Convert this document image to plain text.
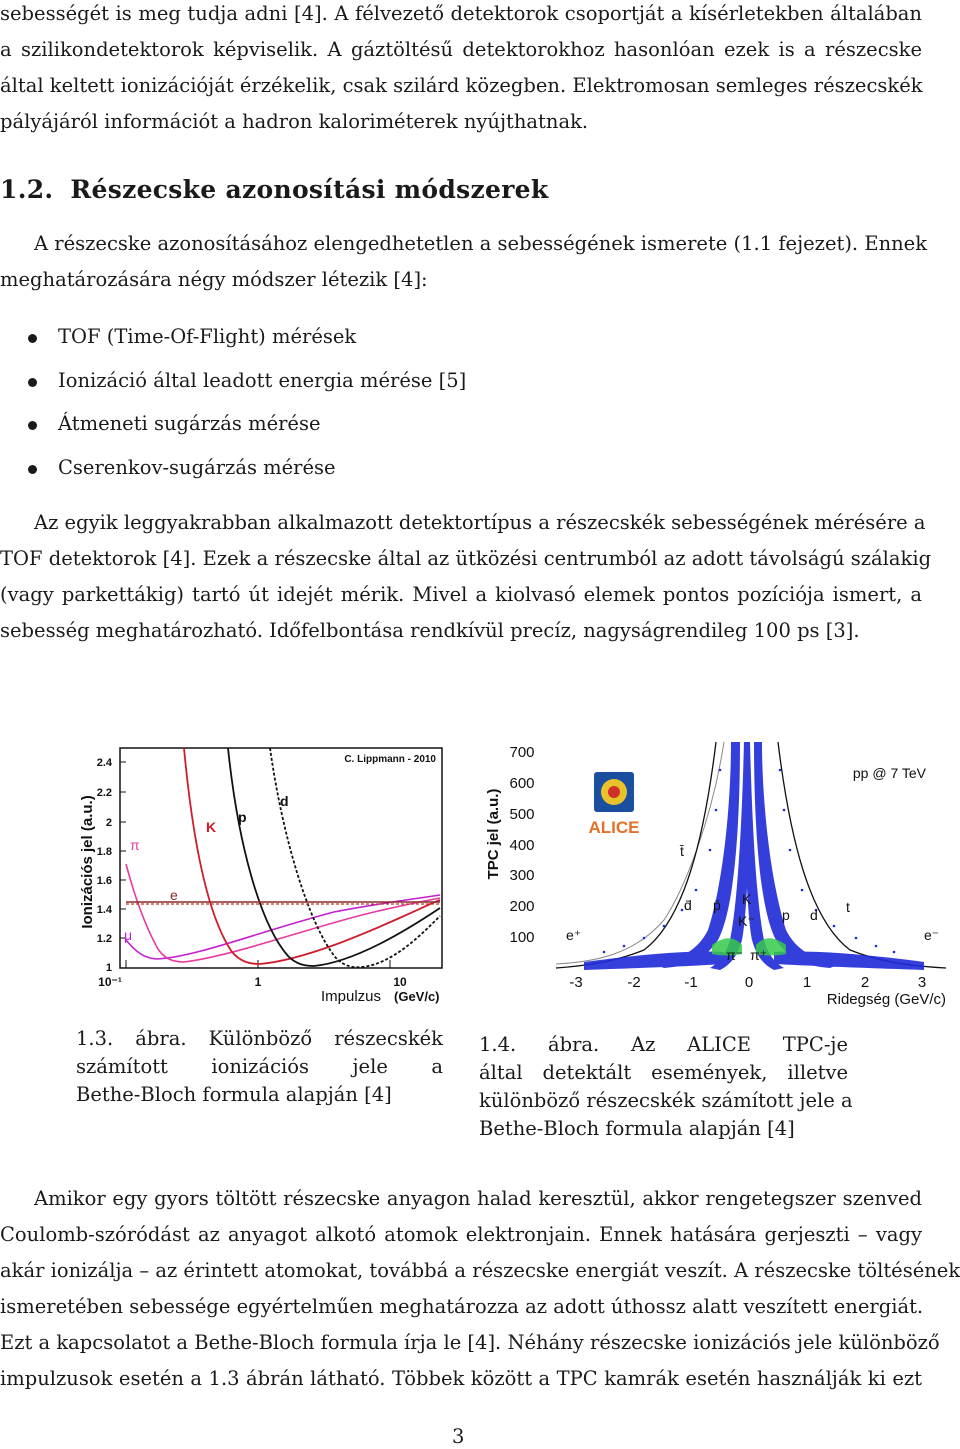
sebességét is meg tudja adni [4]. A félvezető detektorok csoportját a kísérletekben általában
a szilikondetektorok képviselik. A gáztöltésű detektorokhoz hasonlóan ezek is a részecske
által keltett ionizációját érzékelik, csak szilárd közegben. Elektromosan semleges részecskék
pályájáról információt a hadron kaloriméterek nyújthatnak.
1.2. Részecske azonosítási módszerek
A részecske azonosításához elengedhetetlen a sebességének ismerete (1.1 fejezet). Ennek
meghatározására négy módszer létezik [4]:
TOF (Time-Of-Flight) mérések
Ionizáció által leadott energia mérése [5]
Átmeneti sugárzás mérése
Cserenkov-sugárzás mérése
Az egyik leggyakrabban alkalmazott detektortípus a részecskék sebességének mérésére a
TOF detektorok [4]. Ezek a részecske által az ütközési centrumból az adott távolságú szálakig
(vagy parkettákig) tartó út idejét mérik. Mivel a kiolvasó elemek pontos pozíciója ismert, a
sebesség meghatározható. Időfelbontása rendkívül precíz, nagyságrendileg 100 ps [3].
Ionizációs jel (a.u.)
2.4
2.2
2
1.8
1.6
1.4
1.2
1
10⁻¹	1	10
Impulzus (GeV/c)
C. Lippmann - 2010
π
μ
e
K
p
d	TPC jel (a.u.)
700
600
500
400
300
200
100
-3	-2	-1	0	1	2	3
Ridegség (GeV/c)
pp @ 7 TeV
ALICE
t̄
d̄ p̄ K
K⁻ p d t
e⁺	e⁻
π⁻ π⁺
1.3. ábra. Különböző részecskék
számított ionizációs jele a
Bethe-Bloch formula alapján [4]
1.4. ábra. Az ALICE TPC-je
által detektált események, illetve
különböző részecskék számított jele a
Bethe-Bloch formula alapján [4]
Amikor egy gyors töltött részecske anyagon halad keresztül, akkor rengetegszer szenved
Coulomb-szóródást az anyagot alkotó atomok elektronjain. Ennek hatására gerjeszti – vagy
akár ionizálja – az érintett atomokat, továbbá a részecske energiát veszít. A részecske töltésének
ismeretében sebessége egyértelműen meghatározza az adott úthossz alatt veszített energiát.
Ezt a kapcsolatot a Bethe-Bloch formula írja le [4]. Néhány részecske ionizációs jele különböző
impulzusok esetén a 1.3 ábrán látható. Többek között a TPC kamrák esetén használják ki ezt
3
